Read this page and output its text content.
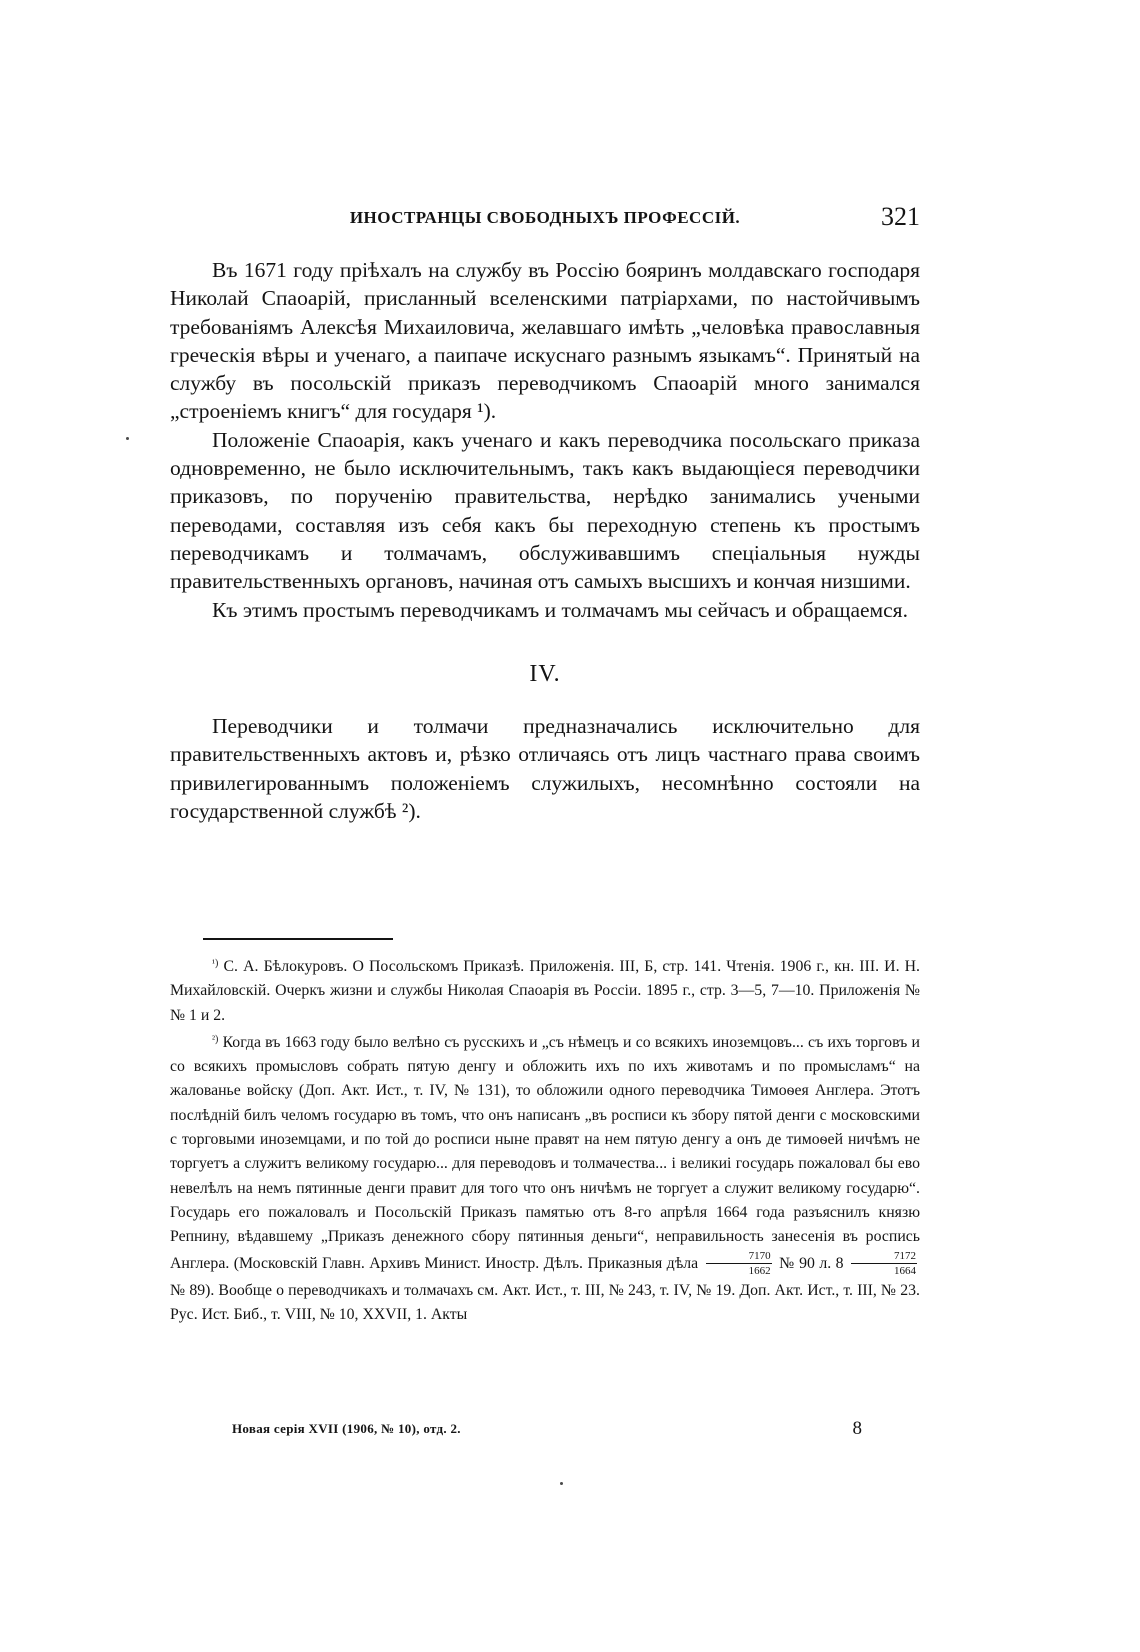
ИНОСТРАНЦЫ СВОБОДНЫХЪ ПРОФЕССІЙ.	321

Въ 1671 году пріѣхалъ на службу въ Россію бояринъ молдавскаго господаря Николай Спаоарій, присланный вселенскими патріархами, по настойчивымъ требованіямъ Алексѣя Михаиловича, желавшаго имѣть „человѣка православныя греческія вѣры и ученаго, а паипаче искуснаго разнымъ языкамъ“. Принятый на службу въ посольскій приказъ переводчикомъ Спаоарій много занимался „строеніемъ книгъ“ для государя ¹).

Положеніе Спаоарія, какъ ученаго и какъ переводчика посольскаго приказа одновременно, не было исключительнымъ, такъ какъ выдающіеся переводчики приказовъ, по порученію правительства, нерѣдко занимались учеными переводами, составляя изъ себя какъ бы переходную степень къ простымъ переводчикамъ и толмачамъ, обслуживавшимъ спеціальныя нужды правительственныхъ органовъ, начиная отъ самыхъ высшихъ и кончая низшими.

Къ этимъ простымъ переводчикамъ и толмачамъ мы сейчасъ и обращаемся.

IV.

Переводчики и толмачи предназначались исключительно для правительственныхъ актовъ и, рѣзко отличаясь отъ лицъ частнаго права своимъ привилегированнымъ положеніемъ служилыхъ, несомнѣнно состояли на государственной службѣ ²).

$^{^1)}$ С. А. Бѣлокуровъ. О Посольскомъ Приказѣ. Приложенія. III, Б, стр. 141. Чтенія. 1906 г., кн. III. И. Н. Михайловскій. Очеркъ жизни и службы Николая Спаоарія въ Россіи. 1895 г., стр. 3—5, 7—10. Приложенія №№ 1 и 2.

$^{^2)}$ Когда въ 1663 году было велѣно съ русскихъ и „съ нѣмецъ и со всякихъ иноземцовъ... съ ихъ торговъ и со всякихъ промысловъ собрать пятую денгу и обложить ихъ по ихъ животамъ и по промысламъ“ на жалованье войску (Доп. Акт. Ист., т. IV, № 131), то обложили одного переводчика Тимоѳея Англера. Этотъ послѣдній билъ челомъ государю въ томъ, что онъ написанъ „въ росписи къ збору пятой денги с московскими с торговыми иноземцами, и по той до росписи ныне правят на нем пятую денгу а онъ де тимоѳей ничѣмъ не торгуетъ а служитъ великому государю... для переводовъ и толмачества... і великиі государь пожаловал бы ево невелѣлъ на немъ пятинные денги правит для того что онъ ничѣмъ не торгует а служит великому государю“. Государь его пожаловалъ и Посольскій Приказъ памятью отъ 8-го апрѣля 1664 года разъяснилъ князю Репнину, вѣдавшему „Приказъ денежного сбору пятинныя деньги“, неправильность занесенія въ роспись Англера. (Московскій Главн. Архивъ Минист. Иностр. Дѣлъ. Приказныя дѣла $\frac{7170}{1662}$ № 90 л. $8 \frac{7172}{1664}$
№ 89). Вообще о переводчикахъ и толмачахъ см. Акт. Ист., т. III, № 243, т. IV, № 19. Доп. Акт. Ист., т. III, № 23. Рус. Ист. Биб., т. VIII, № 10, XXVII, 1. Акты

Новая серія XVII (1906, № 10), отд. 2.	8
